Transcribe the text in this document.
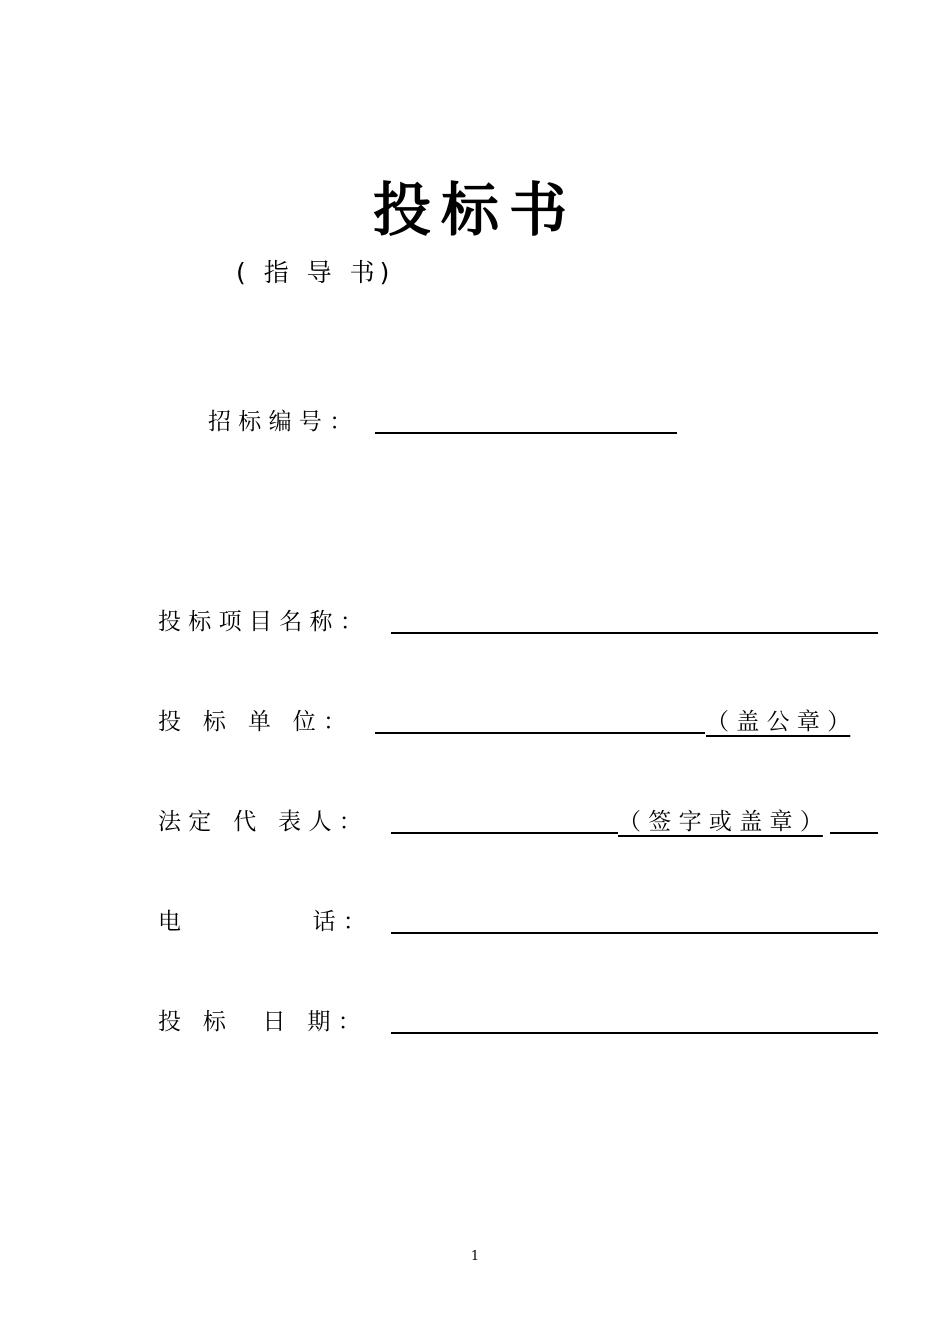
投标书
( 指 导 书)
招 标 编 号 ：
投 标 项 目 名 称 ：
投   标   单   位 ：	（ 盖 公 章 ）
法 定   代   表 人 ：	（ 签 字 或 盖 章 ）
电                  话 ：
投   标     日   期 ：
1
